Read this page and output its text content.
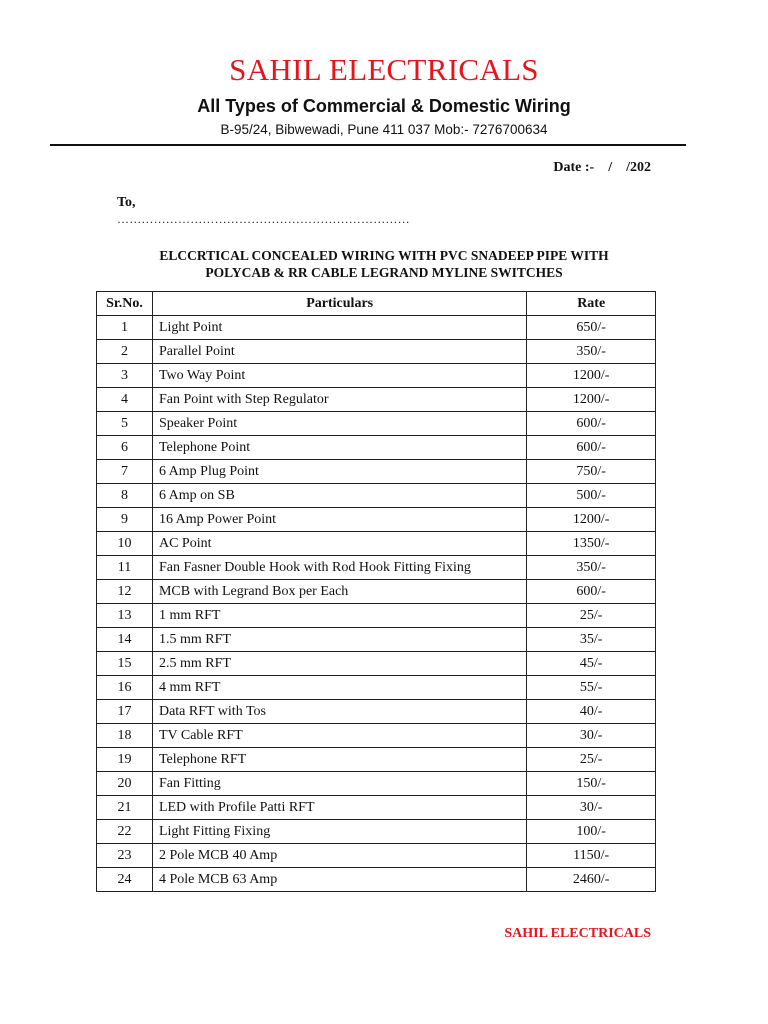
SAHIL ELECTRICALS
All Types of Commercial & Domestic Wiring
B-95/24, Bibwewadi, Pune 411 037 Mob:- 7276700634
Date :-    /    /202
To,
………………………………………………………………
ELCCRTICAL CONCEALED WIRING WITH PVC SNADEEP PIPE WITH
POLYCAB & RR CABLE LEGRAND MYLINE SWITCHES
Sr.No.	Particulars	Rate
1	Light Point	650/-
2	Parallel Point	350/-
3	Two Way Point	1200/-
4	Fan Point with Step Regulator	1200/-
5	Speaker Point	600/-
6	Telephone Point	600/-
7	6 Amp Plug Point	750/-
8	6 Amp on SB	500/-
9	16 Amp Power Point	1200/-
10	AC Point	1350/-
11	Fan Fasner Double Hook with Rod Hook Fitting Fixing	350/-
12	MCB with Legrand Box per Each	600/-
13	1 mm RFT	25/-
14	1.5 mm RFT	35/-
15	2.5 mm RFT	45/-
16	4 mm RFT	55/-
17	Data RFT with Tos	40/-
18	TV Cable RFT	30/-
19	Telephone RFT	25/-
20	Fan Fitting	150/-
21	LED with Profile Patti RFT	30/-
22	Light Fitting Fixing	100/-
23	2 Pole MCB 40 Amp	1150/-
24	4 Pole MCB 63 Amp	2460/-
SAHIL ELECTRICALS
